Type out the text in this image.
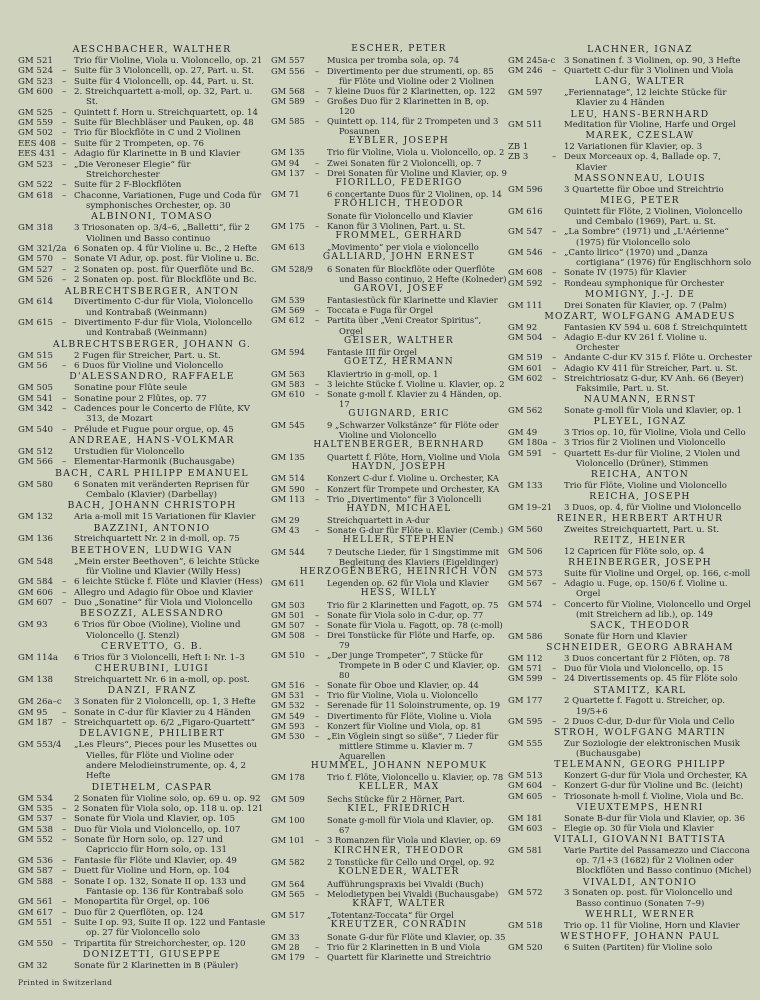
AESCHBACHER, WALTHER
GM 521	Trio für Violine, Viola u. Violoncello, op. 21
GM 524	– Suite für 3 Violoncelli, op. 27, Part. u. St.
GM 523	– Suite für 4 Violoncelli, op. 44, Part. u. St.
GM 600	– 2. Streichquartett a-moll, op. 32, Part. u. St.
GM 525	– Quintett f. Horn u. Streichquartett, op. 14
GM 559	– Suite für Blechbläser und Pauken, op. 48
GM 502	– Trio für Blockflöte in C und 2 Violinen
EES 408 – Suite für 2 Trompeten, op. 76
EES 431 – Adagio für Klarinette in B und Klavier
GM 523	– „Die Veroneser Elegie“ für Streichorchester
GM 522	– Suite für 2 F-Blockflöten
GM 618	– Chaconne, Variationen, Fuge und Coda für symphonisches Orchester, op. 30
ALBINONI, TOMASO
GM 318	3 Triosonaten op. 3/4–6, „Balletti“, für 2 Violinen und Basso continuo
GM 321/2a 6 Sonaten op. 4 für Violine u. Bc., 2 Hefte
GM 570	– Sonate VI Adur, op. post. für Violine u. Bc.
GM 527	– 2 Sonaten op. post. für Querflöte und Bc.
GM 526	– 2 Sonaten op. post. für Blockflöte und Bc.
ALBRECHTSBERGER, ANTON
GM 614	Divertimento C-dur für Viola, Violoncello und Kontrabaß (Weinmann)
GM 615	– Divertimento F-dur für Viola, Violoncello und Kontrabaß (Weinmann)
ALBRECHTSBERGER, JOHANN G.
GM 515	2 Fugen für Streicher, Part. u. St.
GM 56	– 6 Duos für Violine und Violoncello
D'ALESSANDRO, RAFFAELE
GM 505	Sonatine pour Flûte seule
GM 541	– Sonatine pour 2 Flûtes, op. 77
GM 342	– Cadences pour le Concerto de Flûte, KV 313, de Mozart
GM 540	– Prélude et Fugue pour orgue, op. 45
ANDREAE, HANS-VOLKMAR
GM 512	Urstudien für Violoncello
GM 566	– Elementar-Harmonik (Buchausgabe)
BACH, CARL PHILIPP EMANUEL
GM 580	6 Sonaten mit veränderten Reprisen für Cembalo (Klavier) (Darbellay)
BACH, JOHANN CHRISTOPH
GM 132	Aria a-moll mit 15 Variationen für Klavier
BAZZINI, ANTONIO
GM 136	Streichquartett Nr. 2 in d-moll, op. 75
BEETHOVEN, LUDWIG VAN
GM 548	„Mein erster Beethoven“, 6 leichte Stücke für Violine und Klavier (Willy Hess)
GM 584	– 6 leichte Stücke f. Flöte und Klavier (Hess)
GM 606	– Allegro und Adagio für Oboe und Klavier
GM 607	– Duo „Sonatine“ für Viola und Violoncello
BESOZZI, ALESSANDRO
GM 93	6 Trios für Oboe (Violine), Violine und Violoncello (J. Stenzl)
CERVETTO, G. B.
GM 114a	6 Trios für 3 Violoncelli, Heft I: Nr. 1–3
CHERUBINI, LUIGI
GM 138	Streichquartett Nr. 6 in a-moll, op. post.
DANZI, FRANZ
GM 26a–c 3 Sonaten für 2 Violoncelli, op. 1, 3 Hefte
GM 95	– Sonate in C-dur für Klavier zu 4 Händen
GM 187	– Streichquartett op. 6/2 „Figaro-Quartett“
DELAVIGNE, PHILIBERT
GM 553/4 „Les Fleurs“, Pieces pour les Musettes ou Vielles, für Flöte und Violine oder andere Melodieinstrumente, op. 4, 2 Hefte
DIETHELM, CASPAR
GM 534	2 Sonaten für Violine solo, op. 69 u. op. 92
GM 535	– 2 Sonaten für Viola solo, op. 118 u. op. 121
GM 537	– Sonate für Viola und Klavier, op. 105
GM 538	– Duo für Viola und Violoncello, op. 107
GM 552	– Sonate für Horn solo, op. 127 und Capriccio für Horn solo, op. 131
GM 536	– Fantasie für Flöte und Klavier, op. 49
GM 587	– Duett für Violine und Horn, op. 104
GM 588	– Sonate I op. 132, Sonate II op. 133 und Fantasie op. 136 für Kontrabaß solo
GM 561	– Monopartita für Orgel, op. 106
GM 617	– Duo für 2 Querflöten, op. 124
GM 551	– Suite I op. 93, Suite II op. 122 und Fantasie op. 27 für Violoncello solo
GM 550	– Tripartita für Streichorchester, op. 120
DONIZETTI, GIUSEPPE
GM 32	Sonate für 2 Klarinetten in B (Päuler)
ESCHER, PETER
GM 557	Musica per tromba sola, op. 74
GM 556	– Divertimento per due strumenti, op. 85 für Flöte und Violine oder 2 Violinen
GM 568	– 7 kleine Duos für 2 Klarinetten, op. 122
GM 589	– Großes Duo für 2 Klarinetten in B, op. 120
GM 585	– Quintett op. 114, für 2 Trompeten und 3 Posaunen
EYBLER, JOSEPH
GM 135	Trio für Violine, Viola u. Violoncello, op. 2
GM 94	– Zwei Sonaten für 2 Violoncelli, op. 7
GM 137	– Drei Sonaten für Violine und Klavier, op. 9
FIORILLO, FEDERIGO
GM 71	6 concertante Duos für 2 Violinen, op. 14
FRÖHLICH, THEODOR
Sonate für Violoncello und Klavier
GM 175	– Kanon für 3 Violinen, Part. u. St.
FROMMEL, GERHARD
GM 613	„Movimento“ per viola e violoncello
GALLIARD, JOHN ERNEST
GM 528/9 6 Sonaten für Blockflöte oder Querflöte und Basso continuo, 2 Hefte (Kolneder)
GAROVI, JOSEF
GM 539	Fantasiestück für Klarinette und Klavier
GM 569	– Toccata e Fuga für Orgel
GM 612	– Partita über „Veni Creator Spiritus“, Orgel
GEISER, WALTHER
GM 594	Fantasie III für Orgel
GOETZ, HERMANN
GM 563	Klaviertrio in g-moll, op. 1
GM 583	– 3 leichte Stücke f. Violine u. Klavier, op. 2
GM 610	– Sonate g-moll f. Klavier zu 4 Händen, op. 17
GUIGNARD, ERIC
GM 545	9 „Schwarzer Volkstänze“ für Flöte oder Violine und Violoncello
HALTENBERGER, BERNHARD
GM 135	Quartett f. Flöte, Horn, Violine und Viola
HAYDN, JOSEPH
GM 514	Konzert C-dur f. Violine u. Orchester, KA
GM 590	– Konzert für Trompete und Orchester, KA
GM 113	– Trio „Divertimento“ für 3 Violoncelli
HAYDN, MICHAEL
GM 29	Streichquartett in A-dur
GM 43	– Sonate G-dur für Flöte u. Klavier (Cemb.)
HELLER, STEPHEN
GM 544	7 Deutsche Lieder, für 1 Singstimme mit Begleitung des Klaviers (Eigeldinger)
HERZOGENBERG, HEINRICH VON
GM 611	Legenden op. 62 für Viola und Klavier
HESS, WILLY
GM 503	Trio für 2 Klarinetten und Fagott, op. 75
GM 501	– Sonate für Viola solo in C-dur, op. 77
GM 507	– Sonate für Viola u. Fagott, op. 78 (c-moll)
GM 508	– Drei Tonstücke für Flöte und Harfe, op. 79
GM 510	– „Der junge Trompeter“, 7 Stücke für Trompete in B oder C und Klavier, op. 80
GM 516	– Sonate für Oboe und Klavier, op. 44
GM 531	– Trio für Violine, Viola u. Violoncello
GM 532	– Serenade für 11 Soloinstrumente, op. 19
GM 549	– Divertimento für Flöte, Violine u. Viola
GM 593	– Konzert für Violine und Viola, op. 81
GM 530	– „Ein Vöglein singt so süße“, 7 Lieder für mittlere Stimme u. Klavier m. 7 Aquarellen
HUMMEL, JOHANN NEPOMUK
GM 178	Trio f. Flöte, Violoncello u. Klavier, op. 78
KELLER, MAX
GM 509	Sechs Stücke für 2 Hörner, Part.
KIEL, FRIEDRICH
GM 100	Sonate g-moll für Viola und Klavier, op. 67
GM 101	– 3 Romanzen für Viola und Klavier, op. 69
KIRCHNER, THEODOR
GM 582	2 Tonstücke für Cello und Orgel, op. 92
KOLNEDER, WALTER
GM 564	Aufführungspraxis bei Vivaldi (Buch)
GM 565	– Melodietypen bei Vivaldi (Buchausgabe)
KRAFT, WALTER
GM 517	„Totentanz-Toccata“ für Orgel
KREUTZER, CONRADIN
GM 33	Sonate G-dur für Flöte und Klavier, op. 35
GM 28	– Trio für 2 Klarinetten in B und Viola
GM 179	– Quartett für Klarinette und Streichtrio
LACHNER, IGNAZ
GM 245a-c 3 Sonatinen f. 3 Violinen, op. 90, 3 Hefte
GM 246	– Quartett C-dur für 3 Violinen und Viola
LANG, WALTER
GM 597	„Feriennatage“, 12 leichte Stücke für Klavier zu 4 Händen
LEU, HANS-BERNHARD
GM 511	Meditation für Violine, Harfe und Orgel
MAREK, CZESLAW
ZB 1	12 Variationen für Klavier, op. 3
ZB 3	– Deux Morceaux op. 4, Ballade op. 7, Klavier
MASSONNEAU, LOUIS
GM 596	3 Quartette für Oboe und Streichtrio
MIEG, PETER
GM 616	Quintett für Flöte, 2 Violinen, Violoncello und Cembalo (1969), Part. u. St.
GM 547	– „La Sombre“ (1971) und „L'Aérienne“ (1975) für Violoncello solo
GM 546	– „Canto lirico“ (1970) und „Danza cortigiana“ (1976) für Englischhorn solo
GM 608	– Sonate IV (1975) für Klavier
GM 592	– Rondeau symphonique für Orchester
MOMIGNY, J.-J. DE
GM 111	Drei Sonaten für Klavier, op. 7 (Palm)
MOZART, WOLFGANG AMADEUS
GM 92	Fantasien KV 594 u. 608 f. Streichquintett
GM 504	– Adagio E-dur KV 261 f. Violine u. Orchester
GM 519	– Andante C-dur KV 315 f. Flöte u. Orchester
GM 601	– Adagio KV 411 für Streicher, Part. u. St.
GM 602	– Streichtriosatz G-dur, KV Anh. 66 (Beyer) Faksimile, Part. u. St.
NAUMANN, ERNST
GM 562	Sonate g-moll für Viola und Klavier, op. 1
PLEYEL, IGNAZ
GM 49	3 Trios op. 10, für Violine, Viola und Cello
GM 180a – 3 Trios für 2 Violinen und Violoncello
GM 591	– Quartett Es-dur für Violine, 2 Violen und Violoncello (Drüner), Stimmen
REICHA, ANTON
GM 133	Trio für Flöte, Violine und Violoncello
REICHA, JOSEPH
GM 19–21 3 Duos, op. 4, für Violine und Violoncello
REINER, HERBERT ARTHUR
GM 560	Zweites Streichquartett, Part. u. St.
REITZ, HEINER
GM 506	12 Capricen für Flöte solo, op. 4
RHEINBERGER, JOSEPH
GM 573	Suite für Violine und Orgel, op. 166, c-moll
GM 567	– Adagio u. Fuge, op. 150/6 f. Violine u. Orgel
GM 574	– Concerto für Violine, Violoncello und Orgel (mit Streichern ad lib.), op. 149
SACK, THEODOR
GM 586	Sonate für Horn und Klavier
SCHNEIDER, GEORG ABRAHAM
GM 112	3 Duos concertant für 2 Flöten, op. 78
GM 571	– Duo für Viola und Violoncello, op. 15
GM 599	– 24 Divertissements op. 45 für Flöte solo
STAMITZ, KARL
GM 177	2 Quartette f. Fagott u. Streicher, op. 19/5+6
GM 595	– 2 Duos C-dur, D-dur für Viola und Cello
STROH, WOLFGANG MARTIN
GM 555	Zur Soziologie der elektronischen Musik (Buchausgabe)
TELEMANN, GEORG PHILIPP
GM 513	Konzert G-dur für Viola und Orchester, KA
GM 604	– Konzert G-dur für Violine und Bc. (leicht)
GM 605	– Triosonate h-moll f. Violine, Viola und Bc.
VIEUXTEMPS, HENRI
GM 181	Sonate B-dur für Viola und Klavier, op. 36
GM 603	– Elegie op. 30 für Viola und Klavier
VITALI, GIOVANNI BATTISTA
GM 581	Varie Partite del Passamezzo und Ciaccona op. 7/1+3 (1682) für 2 Violinen oder Blockflöten und Basso continuo (Michel)
VIVALDI, ANTONIO
GM 572	3 Sonaten op. post. für Violoncello und Basso continuo (Sonaten 7–9)
WEHRLI, WERNER
GM 518	Trio op. 11 für Violine, Horn und Klavier
WESTHOFF, JOHANN PAUL
GM 520	6 Suiten (Partiten) für Violine solo
Printed in Switzerland
